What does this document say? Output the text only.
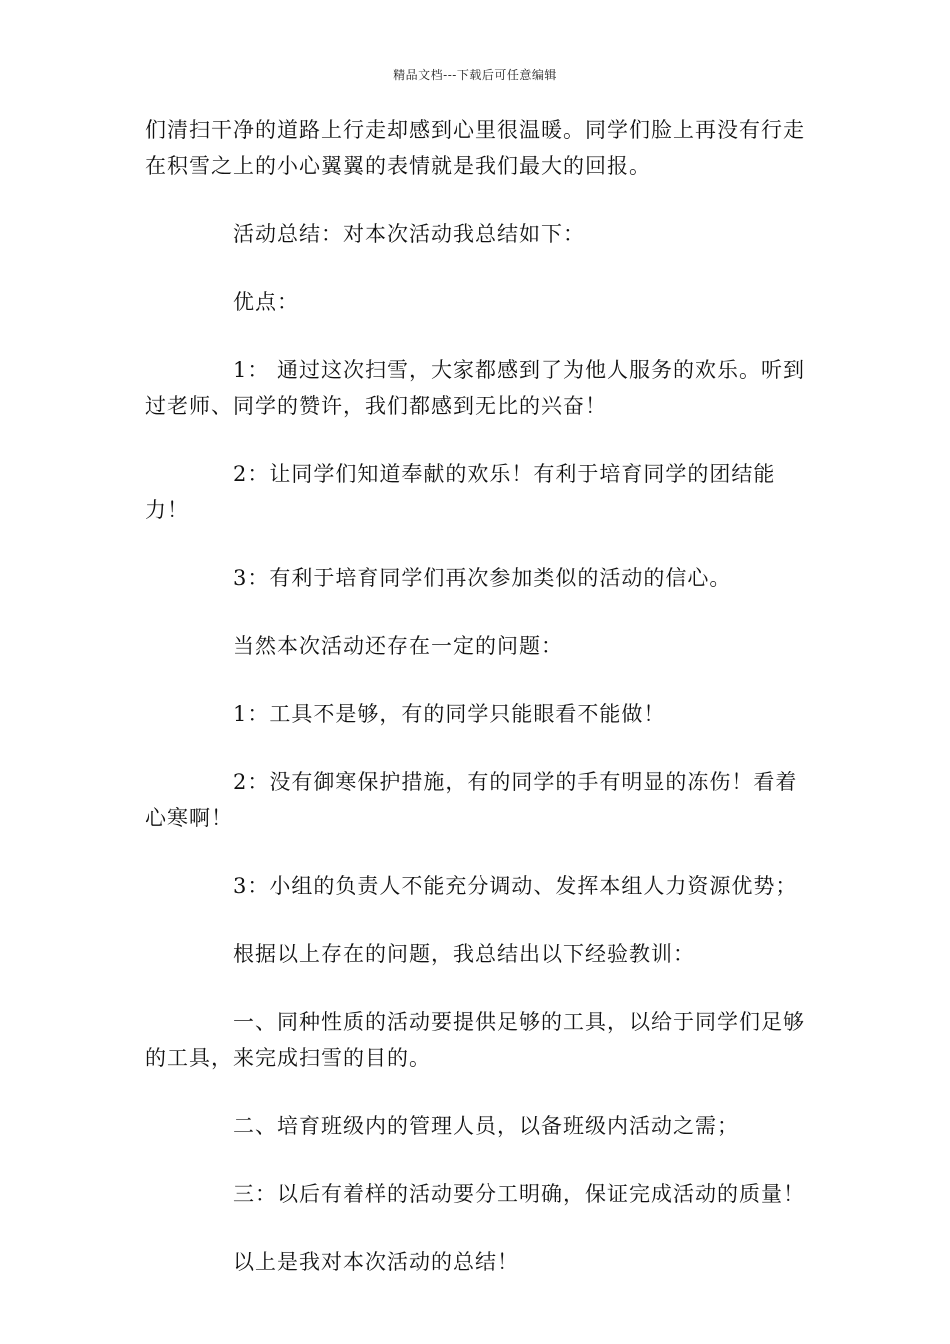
精品文档---下载后可任意编辑

们清扫干净的道路上行走却感到心里很温暖。同学们脸上再没有行走在积雪之上的小心翼翼的表情就是我们最大的回报。

活动总结：对本次活动我总结如下：

优点：

1： 通过这次扫雪，大家都感到了为他人服务的欢乐。听到过老师、同学的赞许，我们都感到无比的兴奋！

2：让同学们知道奉献的欢乐！有利于培育同学的团结能力！

3：有利于培育同学们再次参加类似的活动的信心。

当然本次活动还存在一定的问题：

1：工具不是够，有的同学只能眼看不能做！

2：没有御寒保护措施，有的同学的手有明显的冻伤！看着心寒啊！

3：小组的负责人不能充分调动、发挥本组人力资源优势；

根据以上存在的问题，我总结出以下经验教训：

一、同种性质的活动要提供足够的工具，以给于同学们足够的工具，来完成扫雪的目的。

二、培育班级内的管理人员，以备班级内活动之需；

三：以后有着样的活动要分工明确，保证完成活动的质量！

以上是我对本次活动的总结！
